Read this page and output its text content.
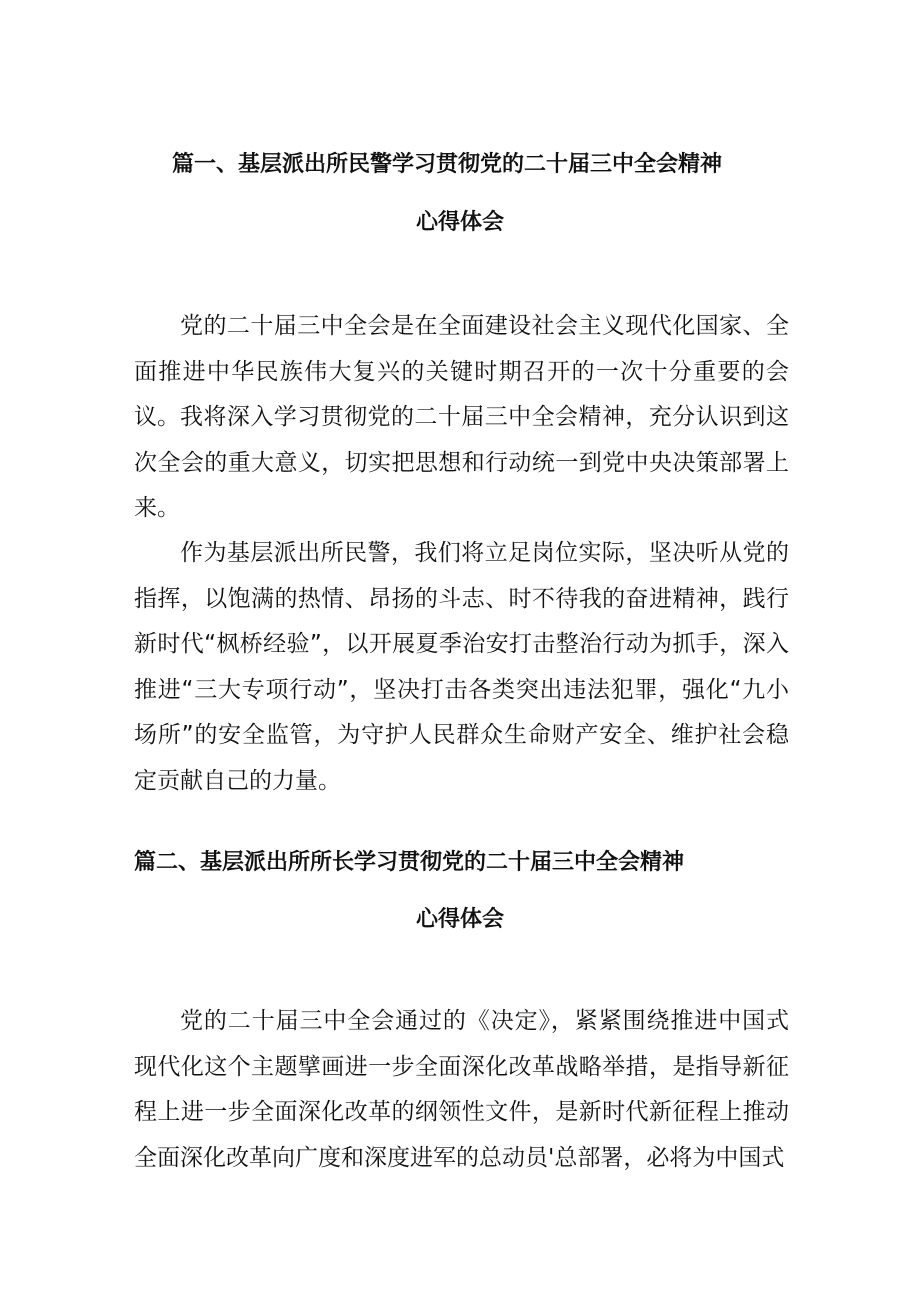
篇一、基层派出所民警学习贯彻党的二十届三中全会精神
心得体会

党的二十届三中全会是在全面建设社会主义现代化国家、全面推进中华民族伟大复兴的关键时期召开的一次十分重要的会议。 我将深入学习贯彻党的二十届三中全会精神，充分认识到这次全会的重大意义，切实把思想和行动统一到党中央决策部署上来。

作为基层派出所民警，我们将立足岗位实际，坚决听从党的指挥，以饱满的热情、昂扬的斗志、时不待我的奋进精神，践行新时代“枫桥经验”，以开展夏季治安打击整治行动为抓手，深入推进“三大专项行动”，坚决打击各类突出违法犯罪，强化“九小场所”的安全监管，为守护人民群众生命财产安全、维护社会稳定贡献自己的力量。

篇二、基层派出所所长学习贯彻党的二十届三中全会精神
心得体会

党的二十届三中全会通过的《决定》，紧紧围绕推进中国式现代化这个主题擘画进一步全面深化改革战略举措，是指导新征程上进一步全面深化改革的纲领性文件，是新时代新征程上推动全面深化改革向广度和深度进军的总动员'总部署，必将为中国式
